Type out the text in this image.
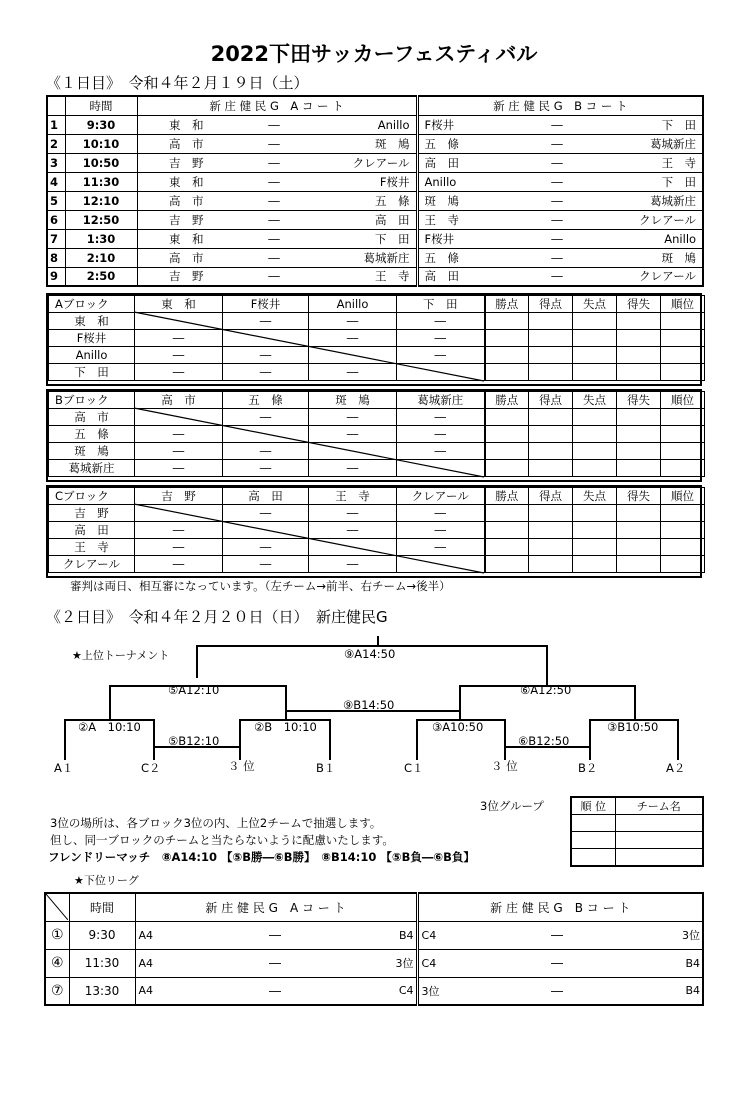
2022下田サッカーフェスティバル
《１日目》　令和４年２月１９日（土）
	時間	新 庄 健 民 G　A コ ー ト			新 庄 健 民 G　B コ ー ト		
1	9:30	東　和	―	Anillo	F桜井	―	下　田
2	10:10	高　市	―	斑　鳩	五　條	―	葛城新庄
3	10:50	吉　野	―	クレアール	高　田	―	王　寺
4	11:30	東　和	―	F桜井	Anillo	―	下　田
5	12:10	高　市	―	五　條	斑　鳩	―	葛城新庄
6	12:50	吉　野	―	高　田	王　寺	―	クレアール
7	1:30	東　和	―	下　田	F桜井	―	Anillo
8	2:10	高　市	―	葛城新庄	五　條	―	斑　鳩
9	2:50	吉　野	―	王　寺	高　田	―	クレアール
Aブロック	東　和	F桜井	Anillo	下　田	勝点	得点	失点	得失	順位
東　和		―	―	―					
F桜井	―		―	―					
Anillo	―	―		―					
下　田	―	―	―						
Bブロック	高　市	五　條	斑　鳩	葛城新庄	勝点	得点	失点	得失	順位
高　市		―	―	―					
五　條	―		―	―					
斑　鳩	―	―		―					
葛城新庄	―	―	―						
Cブロック	吉　野	高　田	王　寺	クレアール	勝点	得点	失点	得失	順位
吉　野		―	―	―					
高　田	―		―	―					
王　寺	―	―		―					
クレアール	―	―	―						
審判は両日、相互審になっています。（左チーム→前半、右チーム→後半）
《２日目》　令和４年２月２０日（日）　新庄健民G
★上位トーナメント	⑨A14:50
⑨B14:50
⑤A12:10	⑥A12:50
②A　10:10	②B　10:10
⑤B12:10
③A10:50	③B10:50
⑥B12:50
A１	C２	３ 位	B１	C１	３ 位	B２	A２
3位グループ	順 位	チーム名

3位の場所は、各ブロック3位の内、上位2チームで抽選します。
但し、同一ブロックのチームと当たらないように配慮いたします。
フレンドリーマッチ　⑧A14:10 【⑤B勝―⑥B勝】　⑧B14:10 【⑤B負―⑥B負】
★下位リーグ
	時間	新 庄 健 民 G　A コ ー ト			新 庄 健 民 G　B コ ー ト		
①	9:30	A4	―	B4	C4	―	3位
④	11:30	A4	―	3位	C4	―	B4
⑦	13:30	A4	―	C4	3位	―	B4
